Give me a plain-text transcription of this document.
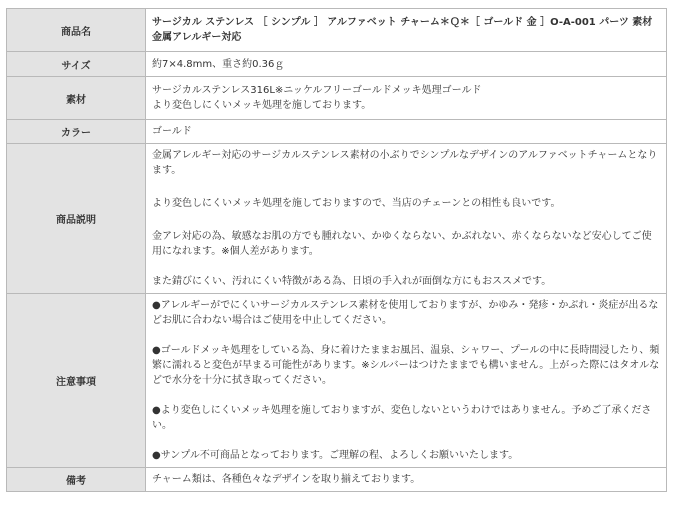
商品名	サージカル ステンレス ［ シンプル ］ アルファベット チャーム＊Ｑ＊［ ゴールド 金 ］O-A-001 パーツ 素材 金属アレルギー対応
サイズ	約7×4.8mm、重さ約0.36ｇ
素材	サージカルステンレス316L※ニッケルフリーゴールドメッキ処理ゴールド
より変色しにくいメッキ処理を施しております。

カラー	ゴールド
商品説明	金属アレルギー対応のサージカルステンレス素材の小ぶりでシンプルなデザインのアルファベットチャームとなります。
より変色しにくいメッキ処理を施しておりますので、当店のチェーンとの相性も良いです。
金アレ対応の為、敏感なお肌の方でも腫れない、かゆくならない、かぶれない、赤くならないなど安心してご使用になれます。※個人差があります。
また錆びにくい、汚れにくい特徴がある為、日頃の手入れが面倒な方にもおススメです。

注意事項	●アレルギーがでにくいサージカルステンレス素材を使用しておりますが、かゆみ・発疹・かぶれ・炎症が出るなどお肌に合わない場合はご使用を中止してください。
●ゴールドメッキ処理をしている為、身に着けたままお風呂、温泉、シャワー、プールの中に長時間浸したり、頻繁に濡れると変色が早まる可能性があります。※シルバーはつけたままでも構いません。上がった際にはタオルなどで水分を十分に拭き取ってください。
●より変色しにくいメッキ処理を施しておりますが、変色しないというわけではありません。予めご了承ください。
●サンプル不可商品となっております。ご理解の程、よろしくお願いいたします。

備考	チャーム類は、各種色々なデザインを取り揃えております。
